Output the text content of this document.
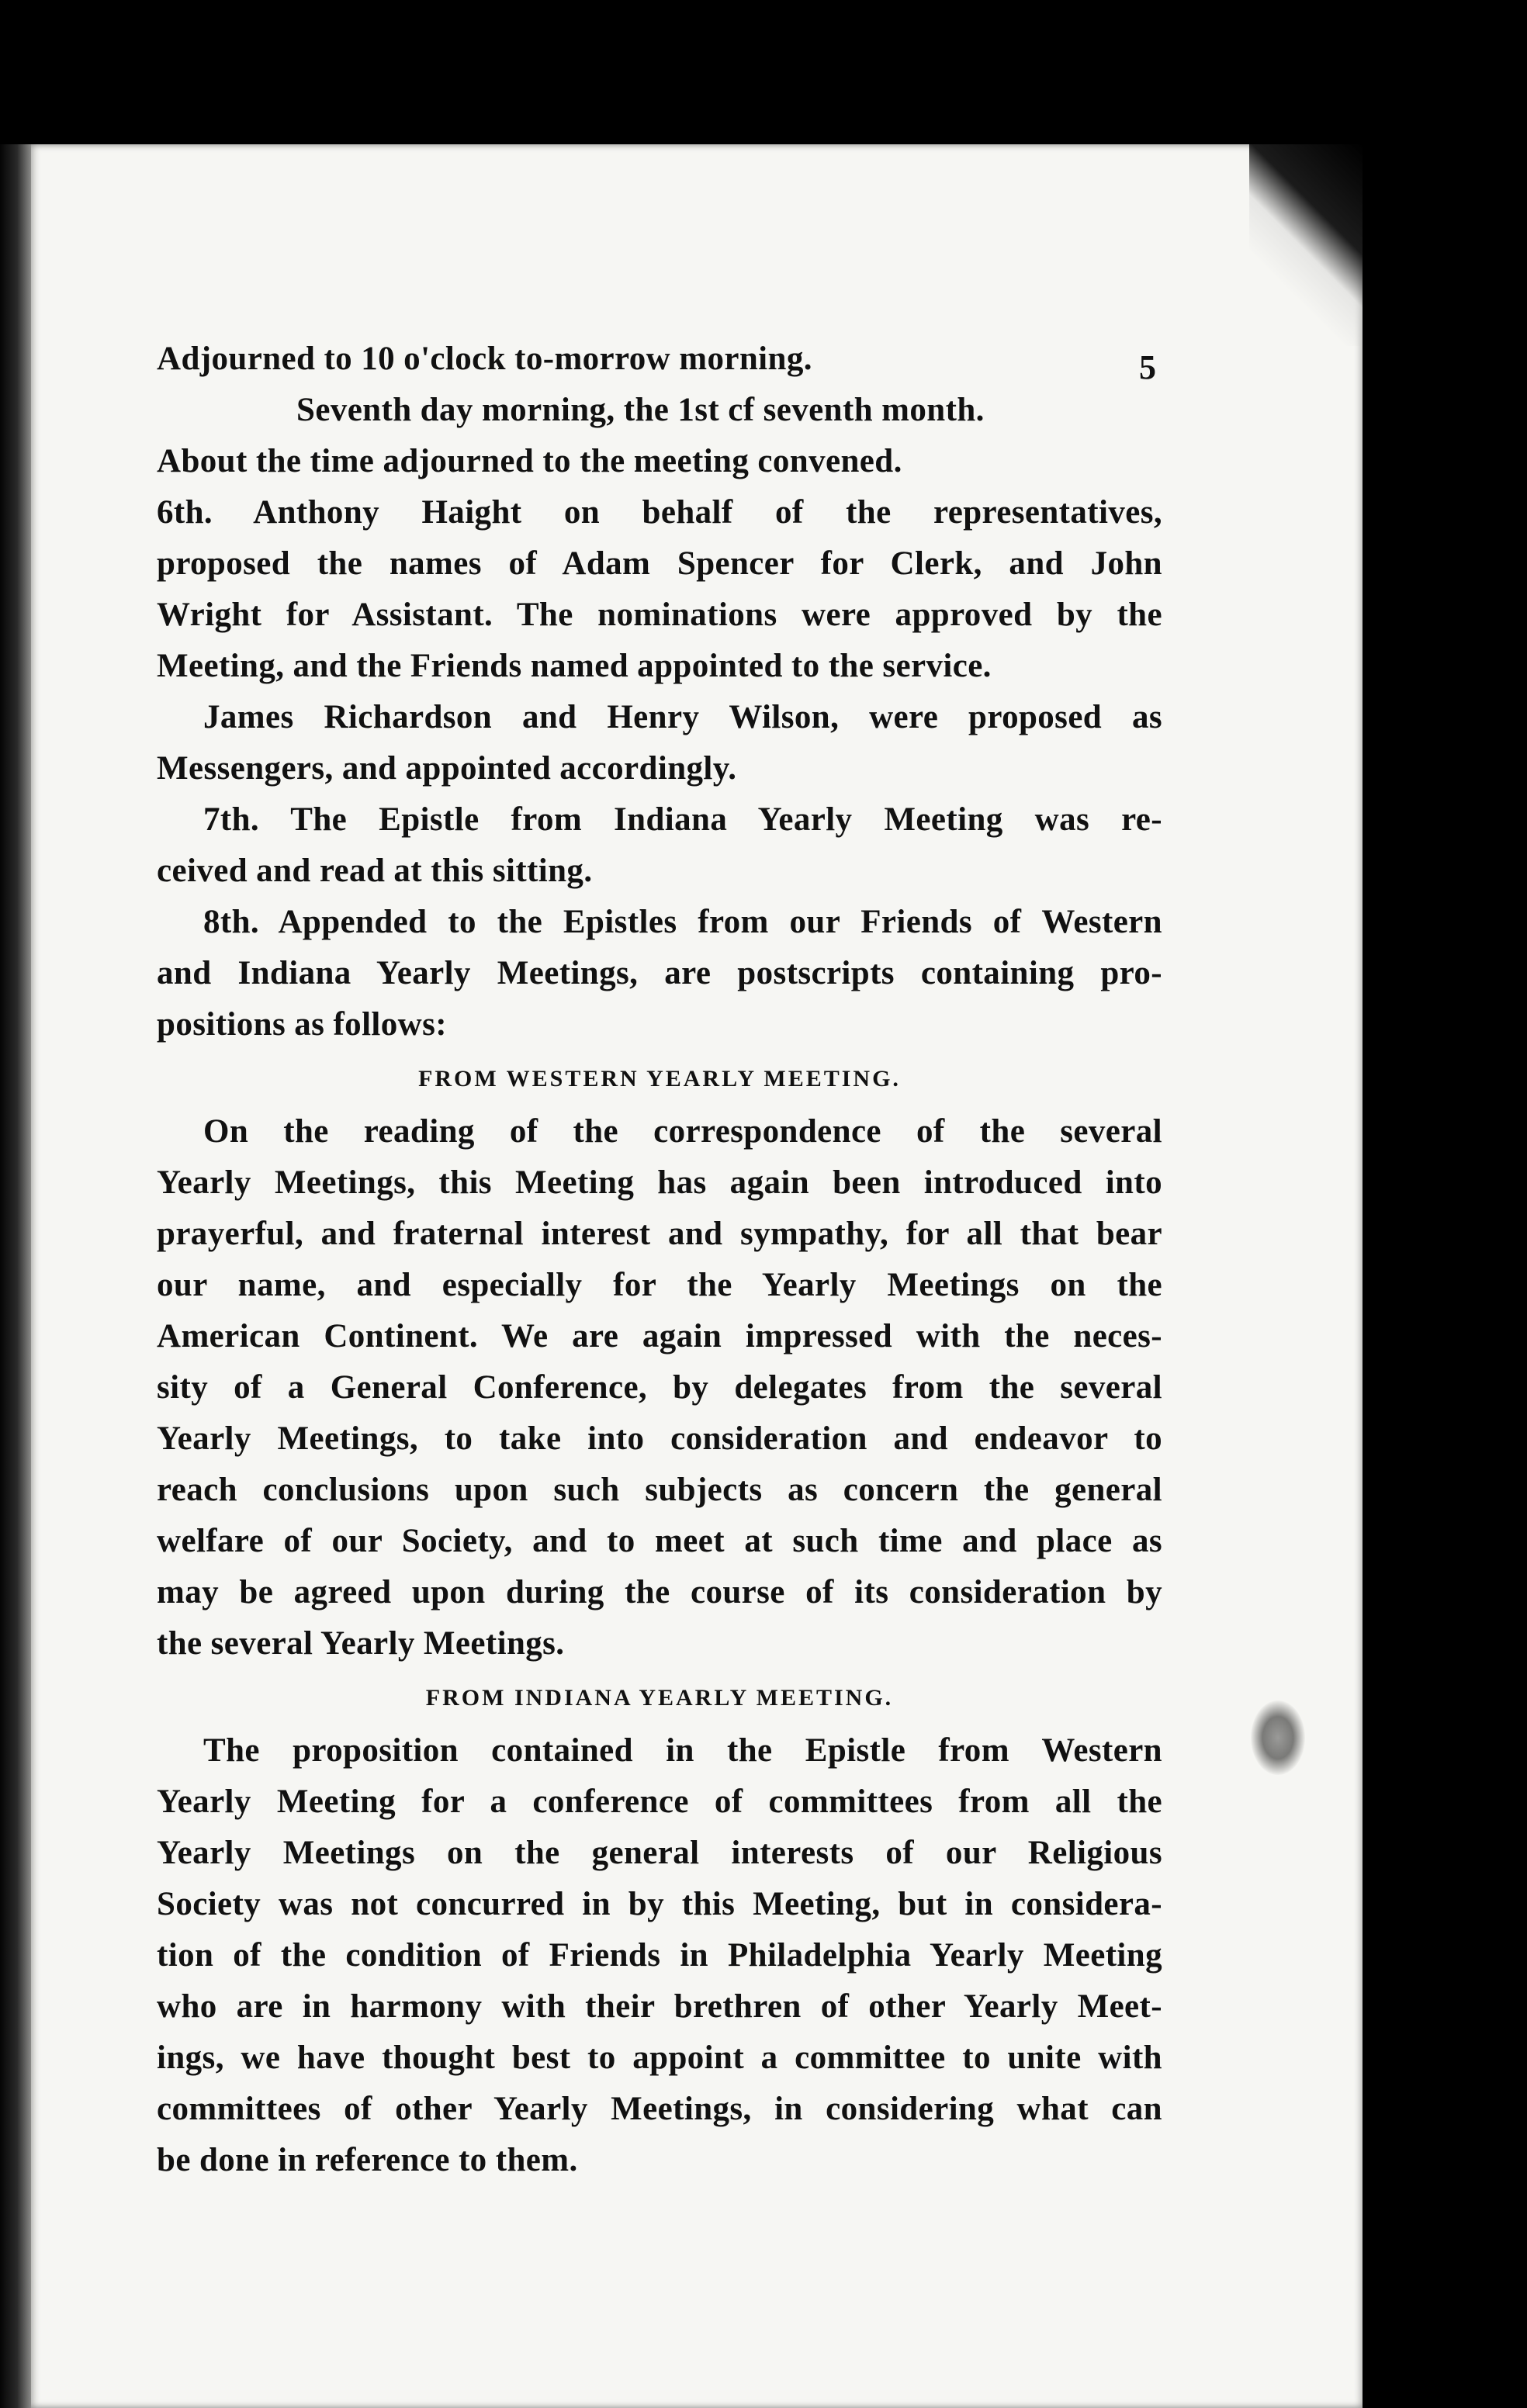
5
Adjourned to 10 o'clock to-morrow morning.
Seventh day morning, the 1st cf seventh month.
About the time adjourned to the meeting convened.
6th. Anthony Haight on behalf of the representatives,
proposed the names of Adam Spencer for Clerk, and John
Wright for Assistant. The nominations were approved by the
Meeting, and the Friends named appointed to the service.
James Richardson and Henry Wilson, were proposed as
Messengers, and appointed accordingly.
7th. The Epistle from Indiana Yearly Meeting was re-
ceived and read at this sitting.
8th. Appended to the Epistles from our Friends of Western
and Indiana Yearly Meetings, are postscripts containing pro-
positions as follows:
FROM WESTERN YEARLY MEETING.
On the reading of the correspondence of the several
Yearly Meetings, this Meeting has again been introduced into
prayerful, and fraternal interest and sympathy, for all that bear
our name, and especially for the Yearly Meetings on the
American Continent. We are again impressed with the neces-
sity of a General Conference, by delegates from the several
Yearly Meetings, to take into consideration and endeavor to
reach conclusions upon such subjects as concern the general
welfare of our Society, and to meet at such time and place as
may be agreed upon during the course of its consideration by
the several Yearly Meetings.
FROM INDIANA YEARLY MEETING.
The proposition contained in the Epistle from Western
Yearly Meeting for a conference of committees from all the
Yearly Meetings on the general interests of our Religious
Society was not concurred in by this Meeting, but in considera-
tion of the condition of Friends in Philadelphia Yearly Meeting
who are in harmony with their brethren of other Yearly Meet-
ings, we have thought best to appoint a committee to unite with
committees of other Yearly Meetings, in considering what can
be done in reference to them.
